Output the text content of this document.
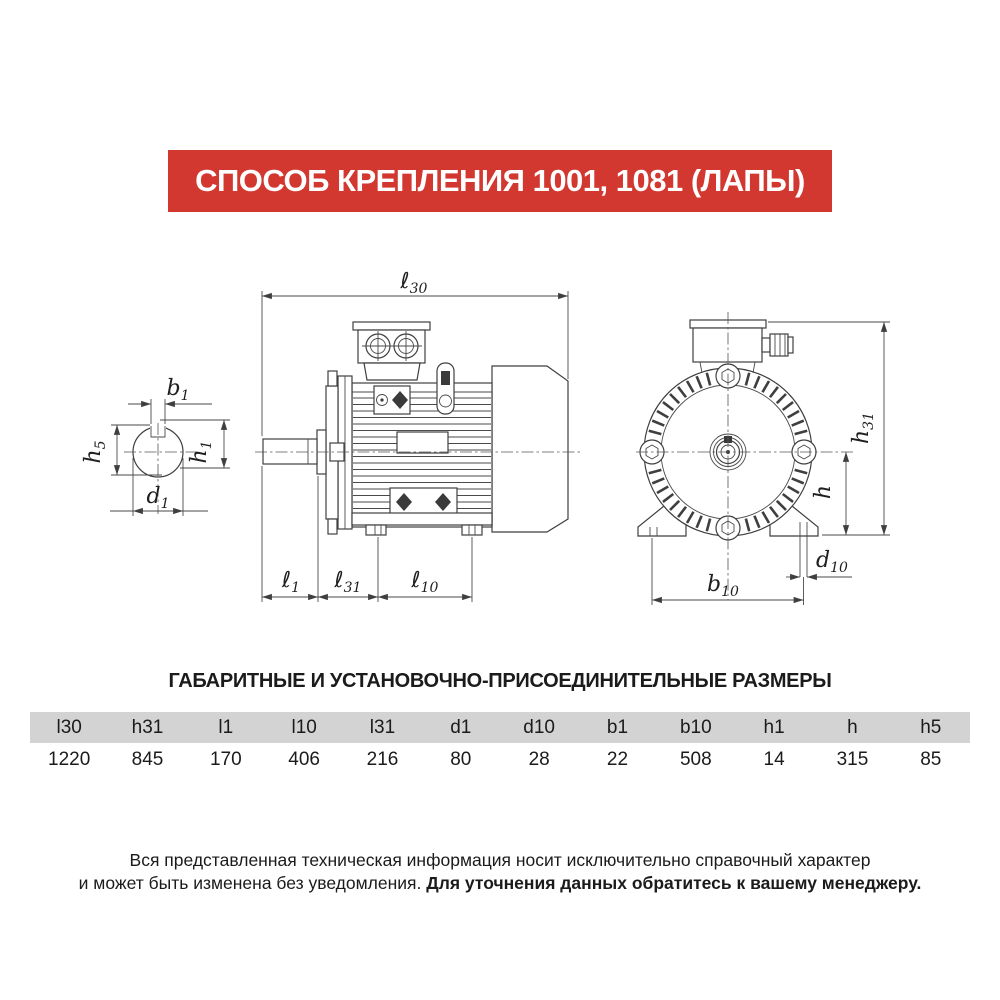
СПОСОБ КРЕПЛЕНИЯ 1001, 1081 (ЛАПЫ)
$b_1$
$h_5$
$h_1$
$d_1$
ℓ$_{30}$
ℓ$_1$ ℓ$_{31}$ ℓ$_{10}$
$h_{31}$
h
$d_{10}$
$b_{10}$
ГАБАРИТНЫЕ И УСТАНОВОЧНО-ПРИСОЕДИНИТЕЛЬНЫЕ РАЗМЕРЫ
l30	h31	l1	l10	l31	d1	d10	b1	b10	h1	h	h5
1220	845	170	406	216	80	28	22	508	14	315	85
Вся представленная техническая информация носит исключительно справочный характер
и может быть изменена без уведомления. Для уточнения данных обратитесь к вашему менеджеру.
